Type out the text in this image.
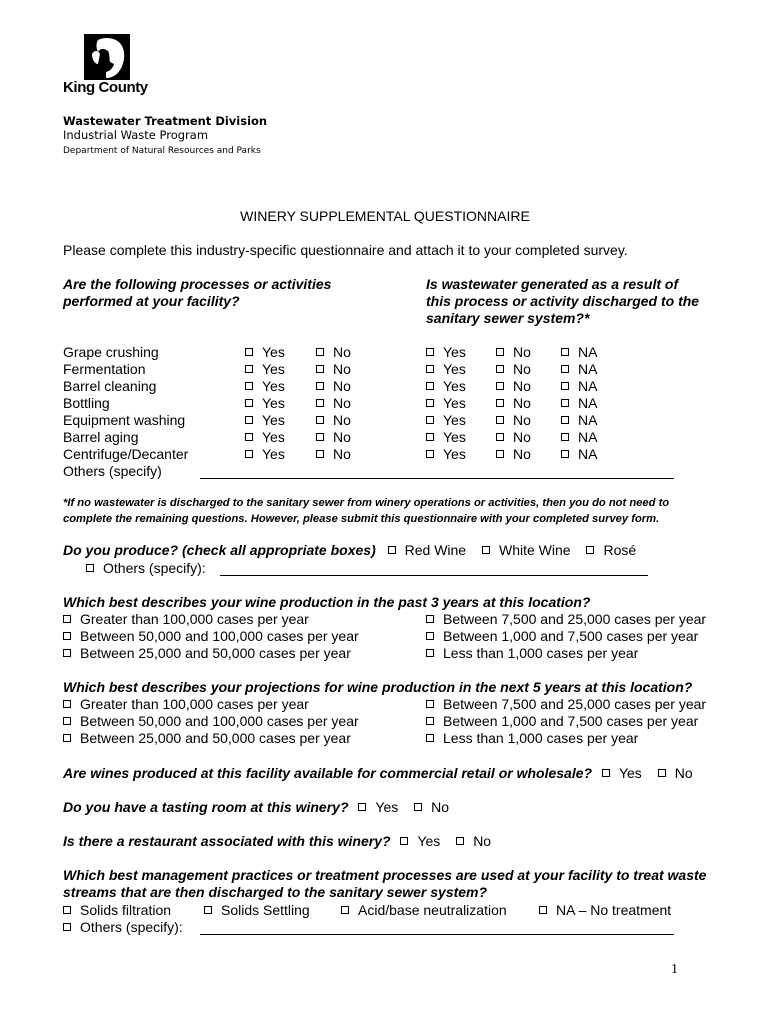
King County
Wastewater Treatment Division
Industrial Waste Program
Department of Natural Resources and Parks
WINERY SUPPLEMENTAL QUESTIONNAIRE
Please complete this industry-specific questionnaire and attach it to your completed survey.
Are the following processes or activities
performed at your facility?
Is wastewater generated as a result of
this process or activity discharged to the
sanitary sewer system?*
Grape crushing	Yes	No	Yes	No	NA
Fermentation	Yes	No	Yes	No	NA
Barrel cleaning	Yes	No	Yes	No	NA
Bottling	Yes	No	Yes	No	NA
Equipment washing	Yes	No	Yes	No	NA
Barrel aging	Yes	No	Yes	No	NA
Centrifuge/Decanter	Yes	No	Yes	No	NA
Others (specify)
*If no wastewater is discharged to the sanitary sewer from winery operations or activities, then you do not need to
complete the remaining questions. However, please submit this questionnaire with your completed survey form.
Do you produce? (check all appropriate boxes) Red Wine White Wine Rosé
Others (specify):
Which best describes your wine production in the past 3 years at this location?
Greater than 100,000 cases per year
Between 50,000 and 100,000 cases per year
Between 25,000 and 50,000 cases per year
Between 7,500 and 25,000 cases per year
Between 1,000 and 7,500 cases per year
Less than 1,000 cases per year
Which best describes your projections for wine production in the next 5 years at this location?
Greater than 100,000 cases per year
Between 50,000 and 100,000 cases per year
Between 25,000 and 50,000 cases per year
Between 7,500 and 25,000 cases per year
Between 1,000 and 7,500 cases per year
Less than 1,000 cases per year
Are wines produced at this facility available for commercial retail or wholesale? Yes No
Do you have a tasting room at this winery? Yes No
Is there a restaurant associated with this winery? Yes No
Which best management practices or treatment processes are used at your facility to treat waste
streams that are then discharged to the sanitary sewer system?
Solids filtration	Solids Settling	Acid/base neutralization	NA – No treatment
Others (specify):
1
